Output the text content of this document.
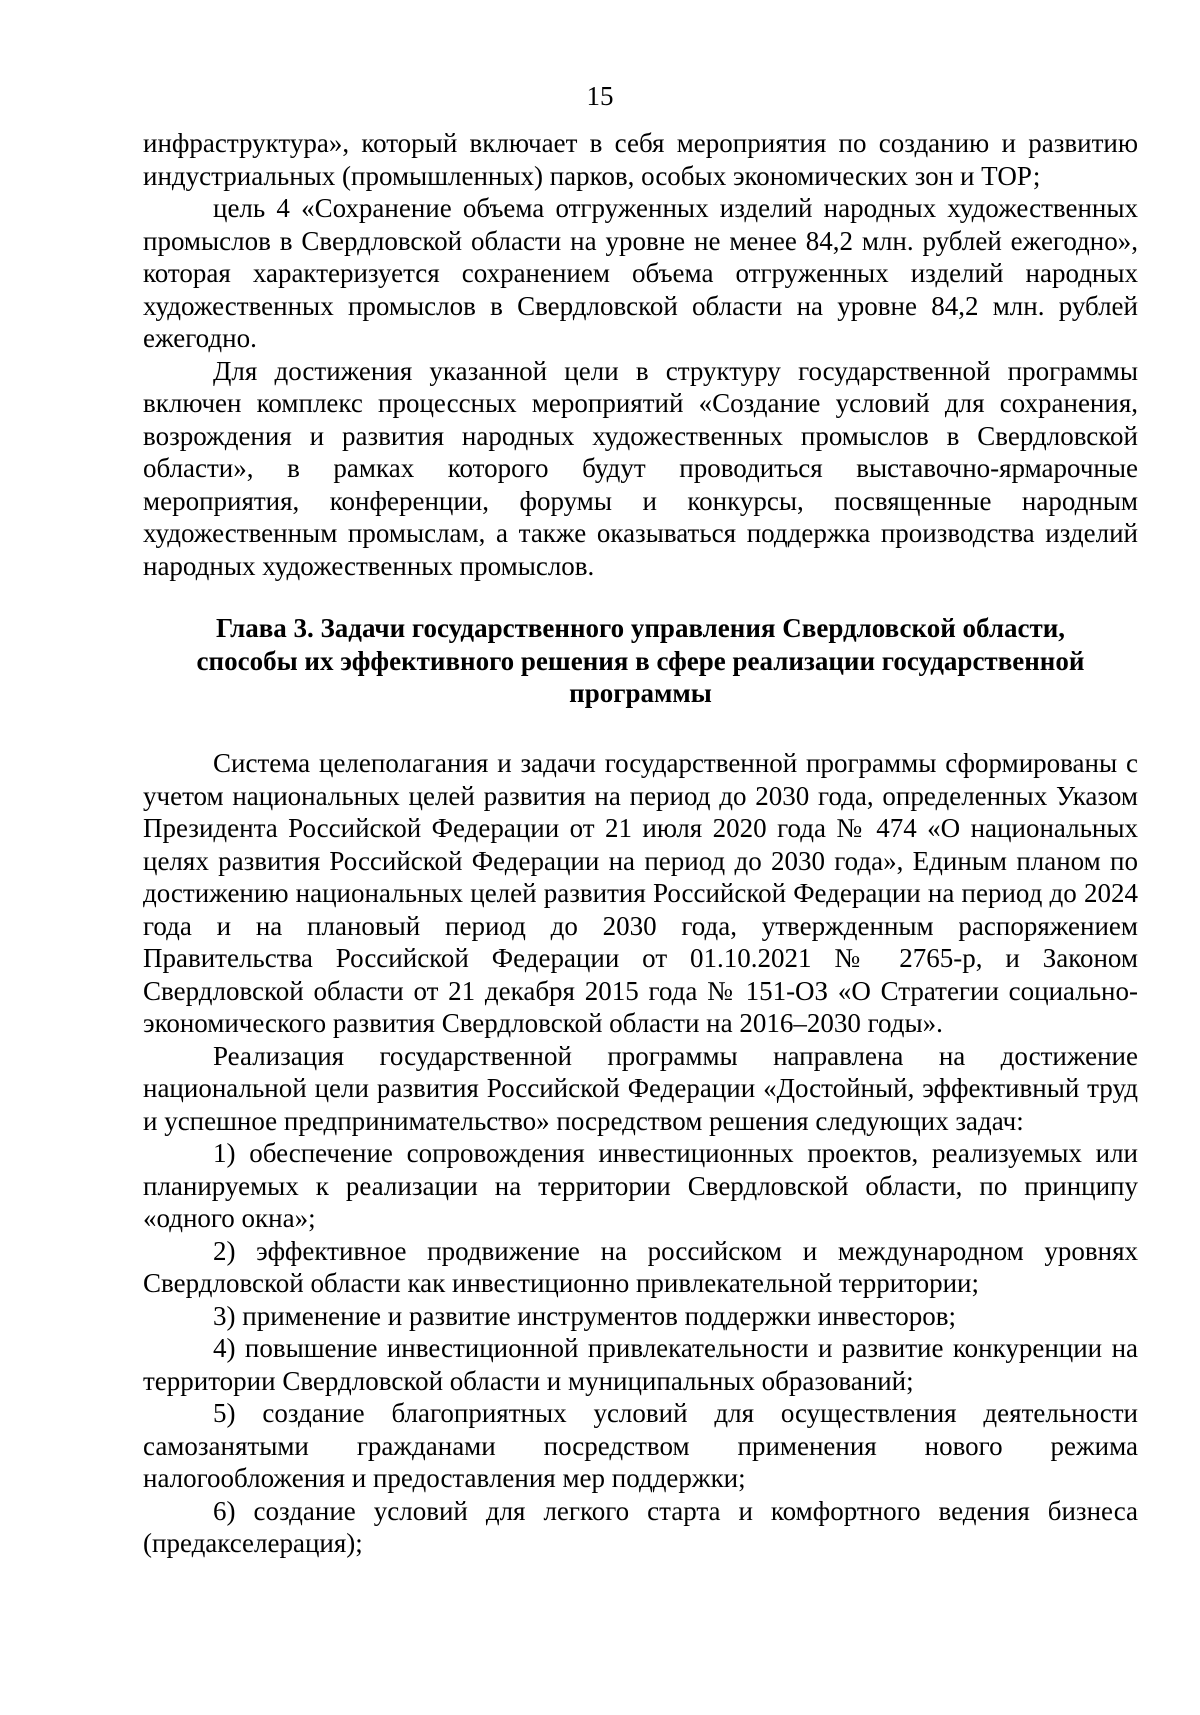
15

инфраструктура», который включает в себя мероприятия по созданию и развитию индустриальных (промышленных) парков, особых экономических зон и ТОР;

цель 4 «Сохранение объема отгруженных изделий народных художественных промыслов в Свердловской области на уровне не менее 84,2 млн. рублей ежегодно», которая характеризуется сохранением объема отгруженных изделий народных художественных промыслов в Свердловской области на уровне 84,2 млн. рублей ежегодно.

Для достижения указанной цели в структуру государственной программы включен комплекс процессных мероприятий «Создание условий для сохранения, возрождения и развития народных художественных промыслов в Свердловской области», в рамках которого будут проводиться выставочно-ярмарочные мероприятия, конференции, форумы и конкурсы, посвященные народным художественным промыслам, а также оказываться поддержка производства изделий народных художественных промыслов.

Глава 3. Задачи государственного управления Свердловской области,
способы их эффективного решения в сфере реализации государственной
программы

Система целеполагания и задачи государственной программы сформированы с учетом национальных целей развития на период до 2030 года, определенных Указом Президента Российской Федерации от 21 июля 2020 года № 474 «О национальных целях развития Российской Федерации на период до 2030 года», Единым планом по достижению национальных целей развития Российской Федерации на период до 2024 года и на плановый период до 2030 года, утвержденным распоряжением Правительства Российской Федерации от 01.10.2021 № 2765-р, и Законом Свердловской области от 21 декабря 2015 года № 151-ОЗ «О Стратегии социально-экономического развития Свердловской области на 2016–2030 годы».

Реализация государственной программы направлена на достижение национальной цели развития Российской Федерации «Достойный, эффективный труд и успешное предпринимательство» посредством решения следующих задач:

1) обеспечение сопровождения инвестиционных проектов, реализуемых или планируемых к реализации на территории Свердловской области, по принципу «одного окна»;

2) эффективное продвижение на российском и международном уровнях Свердловской области как инвестиционно привлекательной территории;

3) применение и развитие инструментов поддержки инвесторов;

4) повышение инвестиционной привлекательности и развитие конкуренции на территории Свердловской области и муниципальных образований;

5) создание благоприятных условий для осуществления деятельности самозанятыми гражданами посредством применения нового режима налогообложения и предоставления мер поддержки;

6) создание условий для легкого старта и комфортного ведения бизнеса (предакселерация);
